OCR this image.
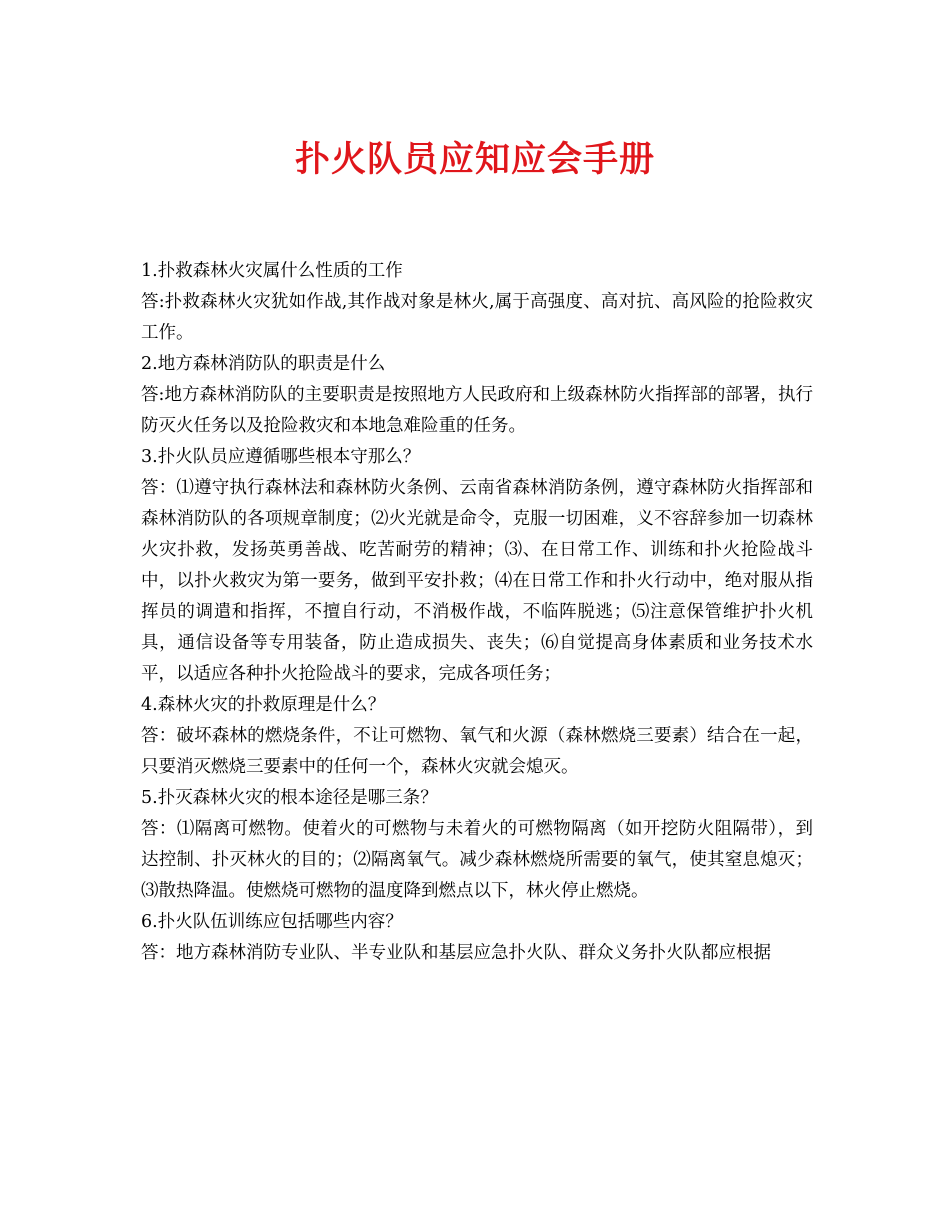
扑火队员应知应会手册

1.扑救森林火灾属什么性质的工作

答:扑救森林火灾犹如作战,其作战对象是林火,属于高强度、高对抗、高风险的抢险救灾工作。

2.地方森林消防队的职责是什么

答:地方森林消防队的主要职责是按照地方人民政府和上级森林防火指挥部的部署，执行防灭火任务以及抢险救灾和本地急难险重的任务。

3.扑火队员应遵循哪些根本守那么？

答：⑴遵守执行森林法和森林防火条例、云南省森林消防条例，遵守森林防火指挥部和森林消防队的各项规章制度；⑵火光就是命令，克服一切困难，义不容辞参加一切森林火灾扑救，发扬英勇善战、吃苦耐劳的精神；⑶、在日常工作、训练和扑火抢险战斗中，以扑火救灾为第一要务，做到平安扑救；⑷在日常工作和扑火行动中，绝对服从指挥员的调遣和指挥，不擅自行动，不消极作战，不临阵脱逃；⑸注意保管维护扑火机具，通信设备等专用装备，防止造成损失、丧失；⑹自觉提高身体素质和业务技术水平，以适应各种扑火抢险战斗的要求，完成各项任务；

4.森林火灾的扑救原理是什么？

答：破坏森林的燃烧条件，不让可燃物、氧气和火源（森林燃烧三要素）结合在一起，只要消灭燃烧三要素中的任何一个，森林火灾就会熄灭。

5.扑灭森林火灾的根本途径是哪三条？

答：⑴隔离可燃物。使着火的可燃物与未着火的可燃物隔离（如开挖防火阻隔带），到达控制、扑灭林火的目的；⑵隔离氧气。减少森林燃烧所需要的氧气，使其窒息熄灭；⑶散热降温。使燃烧可燃物的温度降到燃点以下，林火停止燃烧。

6.扑火队伍训练应包括哪些内容？

答：地方森林消防专业队、半专业队和基层应急扑火队、群众义务扑火队都应根据
